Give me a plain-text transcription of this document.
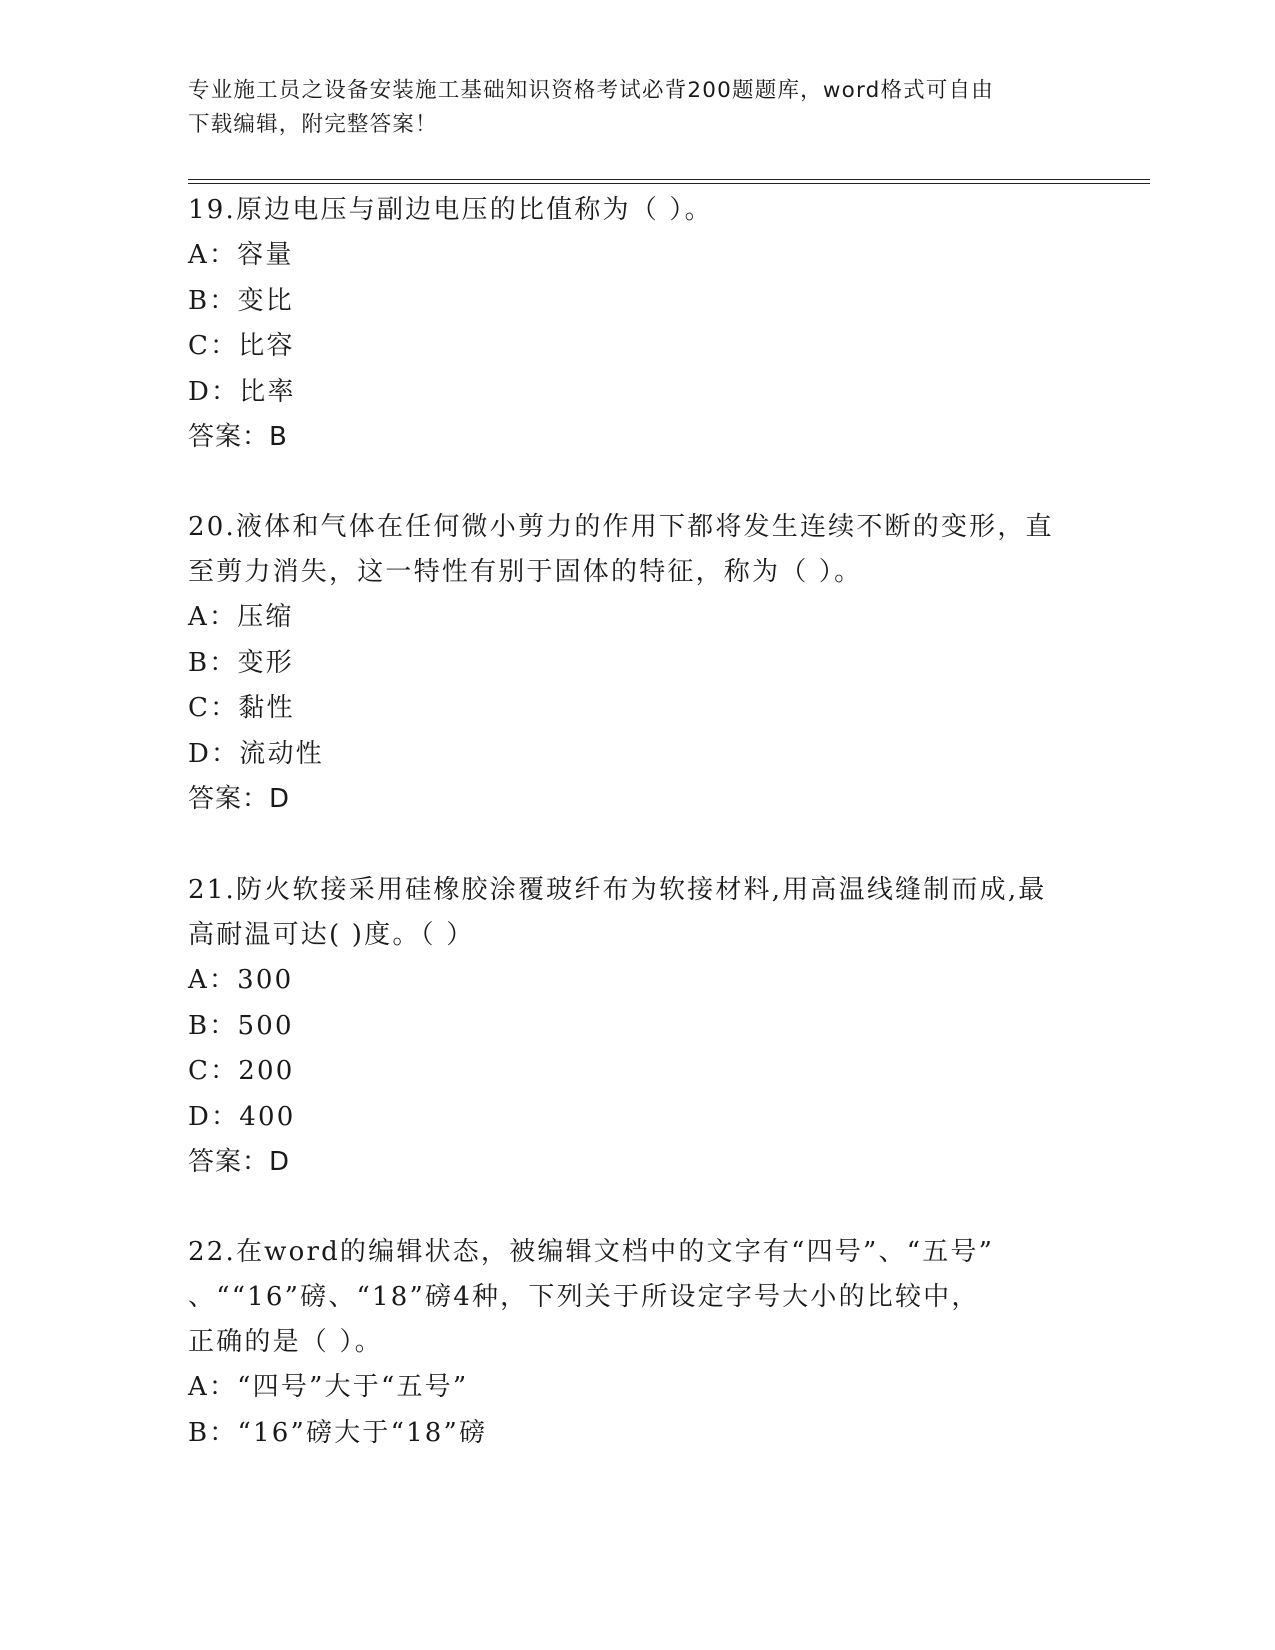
专业施工员之设备安装施工基础知识资格考试必背200题题库，word格式可自由
下载编辑，附完整答案！
19.原边电压与副边电压的比值称为（ ）。
A：容量
B：变比
C：比容
D：比率
答案：B
20.液体和气体在任何微小剪力的作用下都将发生连续不断的变形，直
至剪力消失，这一特性有别于固体的特征，称为（ ）。
A：压缩
B：变形
C：黏性
D：流动性
答案：D
21.防火软接采用硅橡胶涂覆玻纤布为软接材料,用高温线缝制而成,最
高耐温可达( )度。（ ）
A：300
B：500
C：200
D：400
答案：D
22.在word的编辑状态，被编辑文档中的文字有“四号”、“五号”
、““16”磅、“18”磅4种，下列关于所设定字号大小的比较中，
正确的是（ ）。
A：“四号”大于“五号”
B：“16”磅大于“18”磅
